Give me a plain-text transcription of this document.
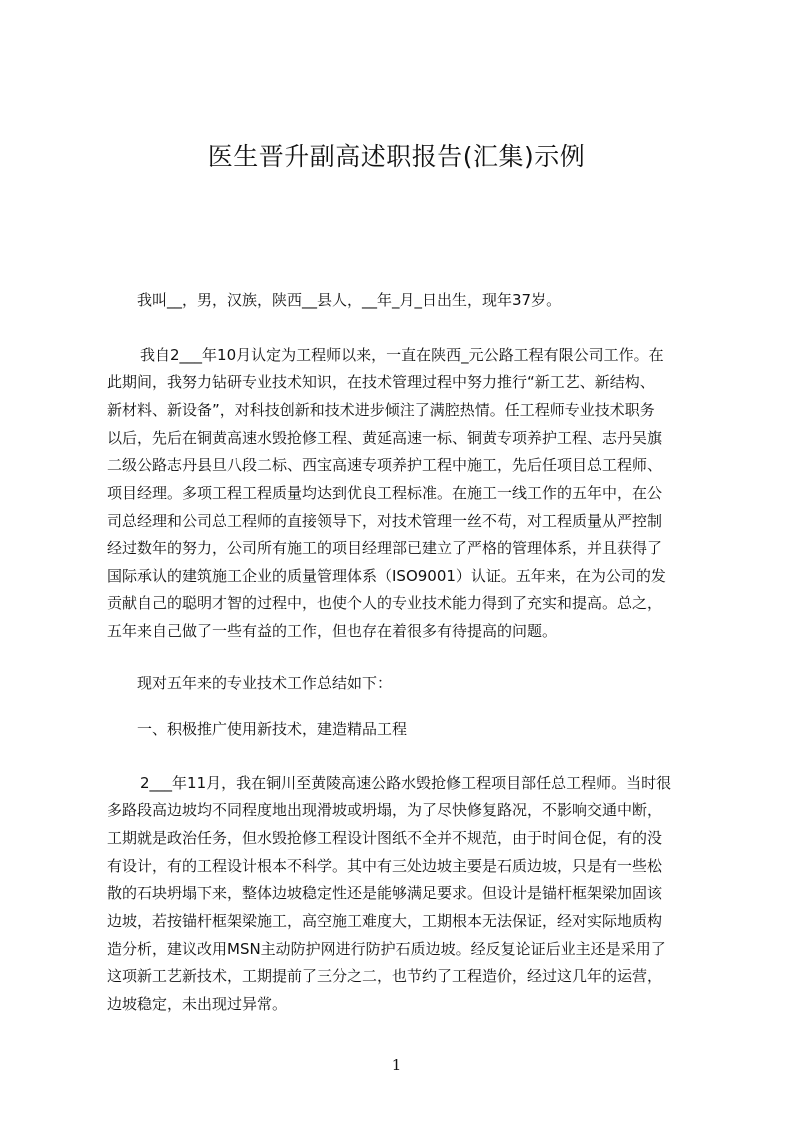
医生晋升副高述职报告(汇集)示例
我叫__，男，汉族，陕西__县人，__年_月_日出生，现年37岁。
我自2___年10月认定为工程师以来，一直在陕西_元公路工程有限公司工作。在
此期间，我努力钻研专业技术知识，在技术管理过程中努力推行“新工艺、新结构、
新材料、新设备”，对科技创新和技术进步倾注了满腔热情。任工程师专业技术职务
以后，先后在铜黄高速水毁抢修工程、黄延高速一标、铜黄专项养护工程、志丹吴旗
二级公路志丹县旦八段二标、西宝高速专项养护工程中施工，先后任项目总工程师、
项目经理。多项工程工程质量均达到优良工程标准。在施工一线工作的五年中，在公
司总经理和公司总工程师的直接领导下，对技术管理一丝不苟，对工程质量从严控制
经过数年的努力，公司所有施工的项目经理部已建立了严格的管理体系，并且获得了
国际承认的建筑施工企业的质量管理体系（ISO9001）认证。五年来，在为公司的发
贡献自己的聪明才智的过程中，也使个人的专业技术能力得到了充实和提高。总之，
五年来自己做了一些有益的工作，但也存在着很多有待提高的问题。
现对五年来的专业技术工作总结如下：
一、积极推广使用新技术，建造精品工程
2___年11月，我在铜川至黄陵高速公路水毁抢修工程项目部任总工程师。当时很
多路段高边坡均不同程度地出现滑坡或坍塌，为了尽快修复路况，不影响交通中断，
工期就是政治任务，但水毁抢修工程设计图纸不全并不规范，由于时间仓促，有的没
有设计，有的工程设计根本不科学。其中有三处边坡主要是石质边坡，只是有一些松
散的石块坍塌下来，整体边坡稳定性还是能够满足要求。但设计是锚杆框架梁加固该
边坡，若按锚杆框架梁施工，高空施工难度大，工期根本无法保证，经对实际地质构
造分析，建议改用MSN主动防护网进行防护石质边坡。经反复论证后业主还是采用了
这项新工艺新技术，工期提前了三分之二，也节约了工程造价，经过这几年的运营，
边坡稳定，未出现过异常。
1
